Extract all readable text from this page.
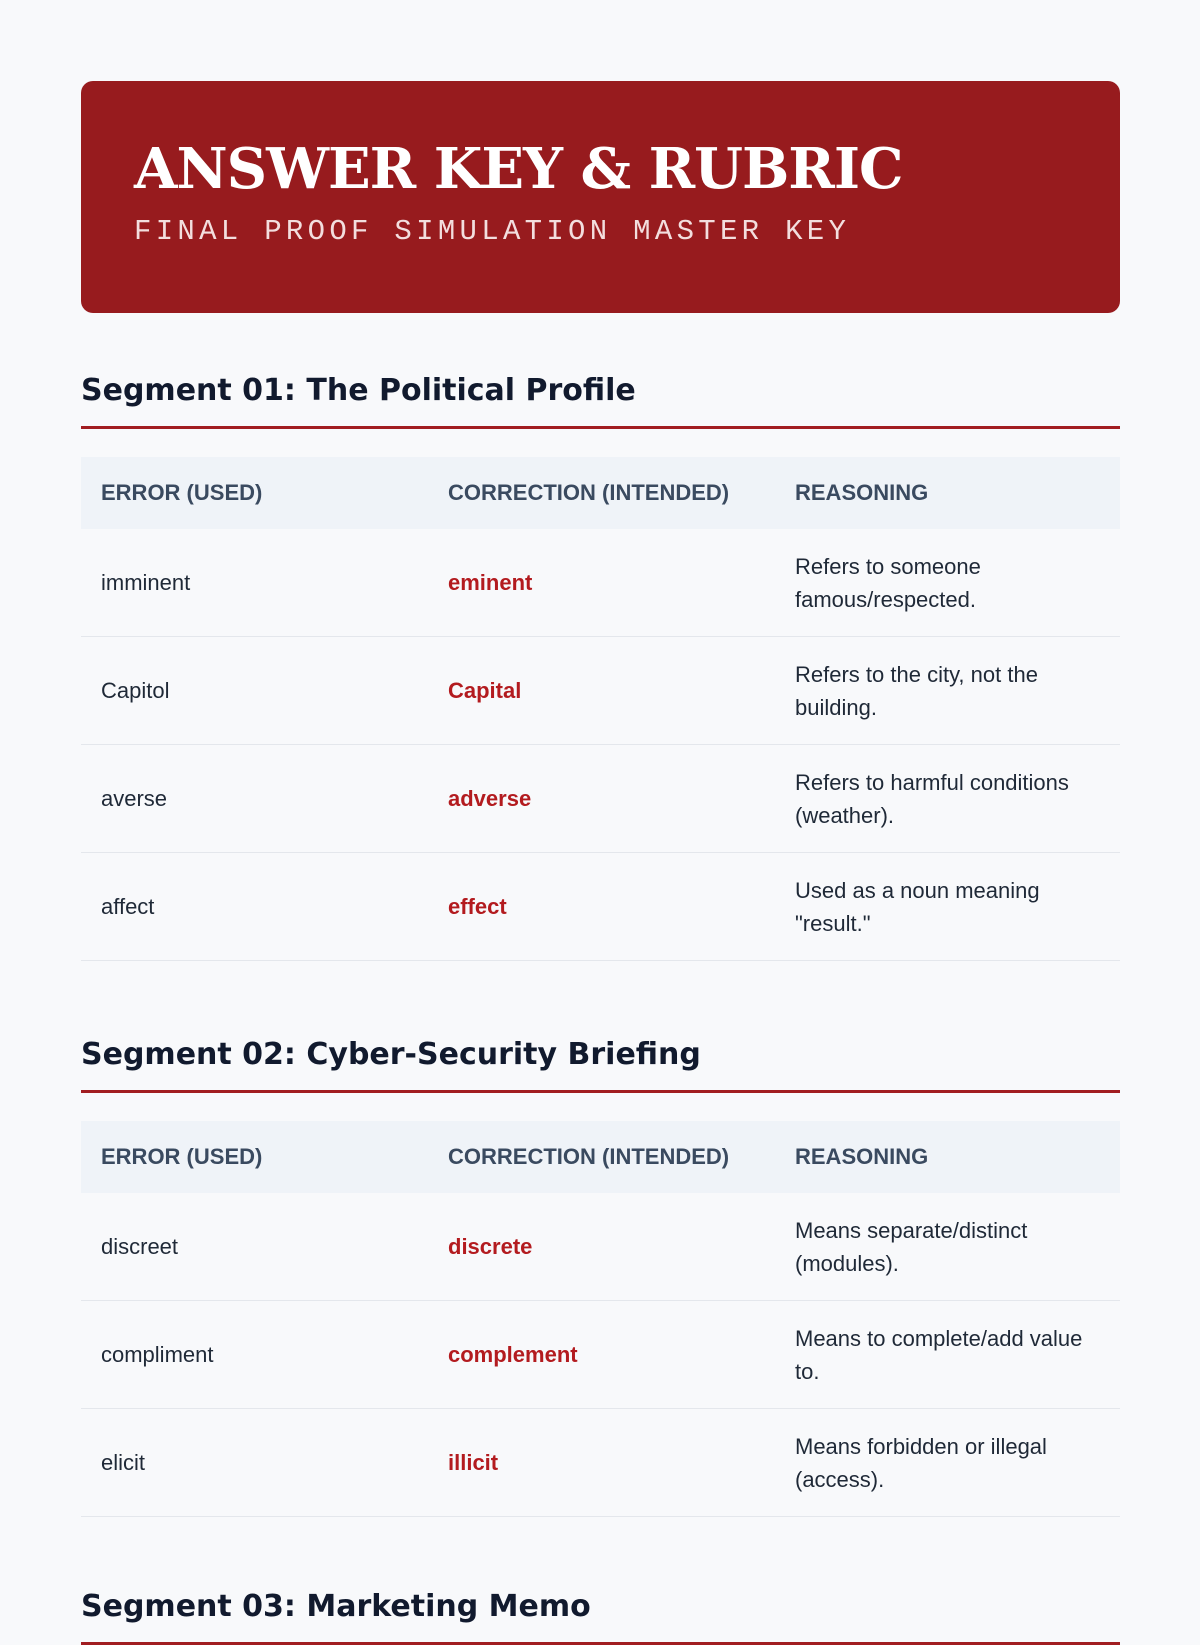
ANSWER KEY & RUBRIC
FINAL PROOF SIMULATION MASTER KEY
Segment 01: The Political Profile
ERROR (USED)	CORRECTION (INTENDED)	REASONING
imminent	eminent	Refers to someone famous/respected.
Capitol	Capital	Refers to the city, not the building.
averse	adverse	Refers to harmful conditions (weather).
affect	effect	Used as a noun meaning "result."
Segment 02: Cyber-Security Briefing
ERROR (USED)	CORRECTION (INTENDED)	REASONING
discreet	discrete	Means separate/distinct (modules).
compliment	complement	Means to complete/add value to.
elicit	illicit	Means forbidden or illegal (access).
Segment 03: Marketing Memo
